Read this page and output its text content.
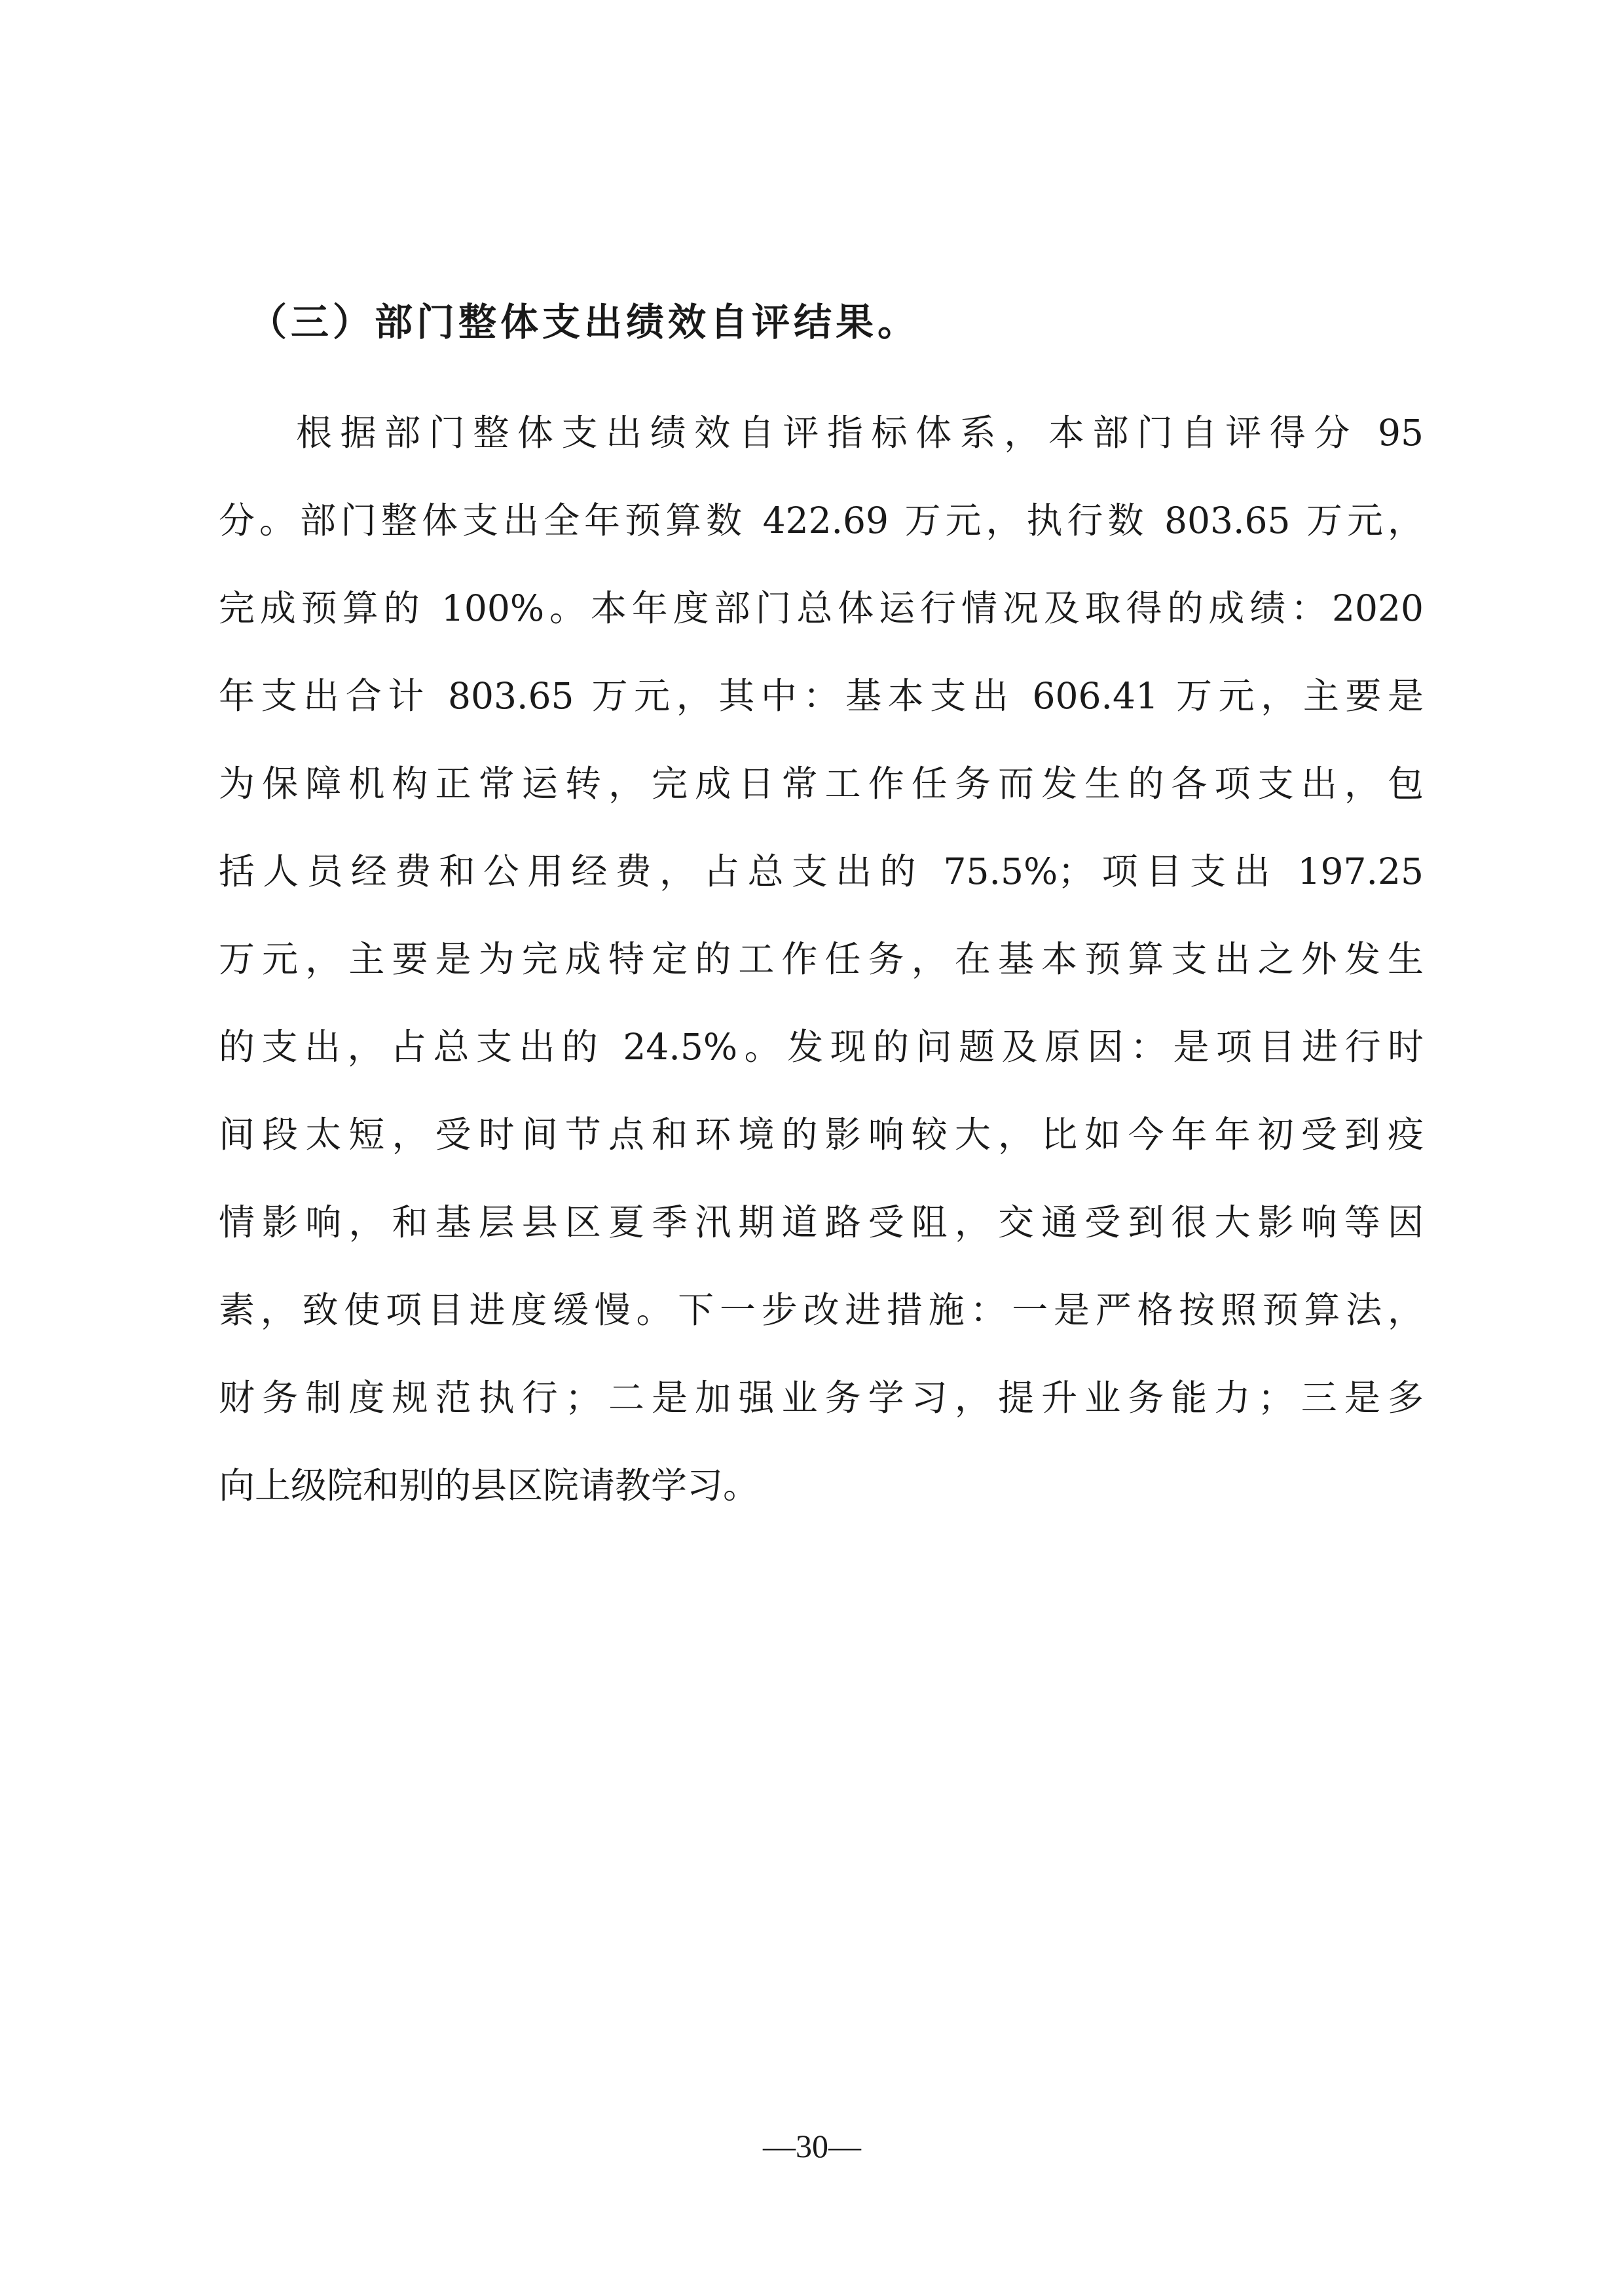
（三）部门整体支出绩效自评结果。
根据部门整体支出绩效自评指标体系，本部门自评得分 95
分。部门整体支出全年预算数 422.69 万元，执行数 803.65 万元，
完成预算的 100%。本年度部门总体运行情况及取得的成绩：2020
年支出合计 803.65 万元，其中：基本支出 606.41 万元，主要是
为保障机构正常运转，完成日常工作任务而发生的各项支出，包
括人员经费和公用经费，占总支出的 75.5%；项目支出 197.25
万元，主要是为完成特定的工作任务，在基本预算支出之外发生
的支出，占总支出的 24.5%。发现的问题及原因：是项目进行时
间段太短，受时间节点和环境的影响较大，比如今年年初受到疫
情影响，和基层县区夏季汛期道路受阻，交通受到很大影响等因
素，致使项目进度缓慢。下一步改进措施：一是严格按照预算法，
财务制度规范执行；二是加强业务学习，提升业务能力；三是多
向上级院和别的县区院请教学习。
—30—
